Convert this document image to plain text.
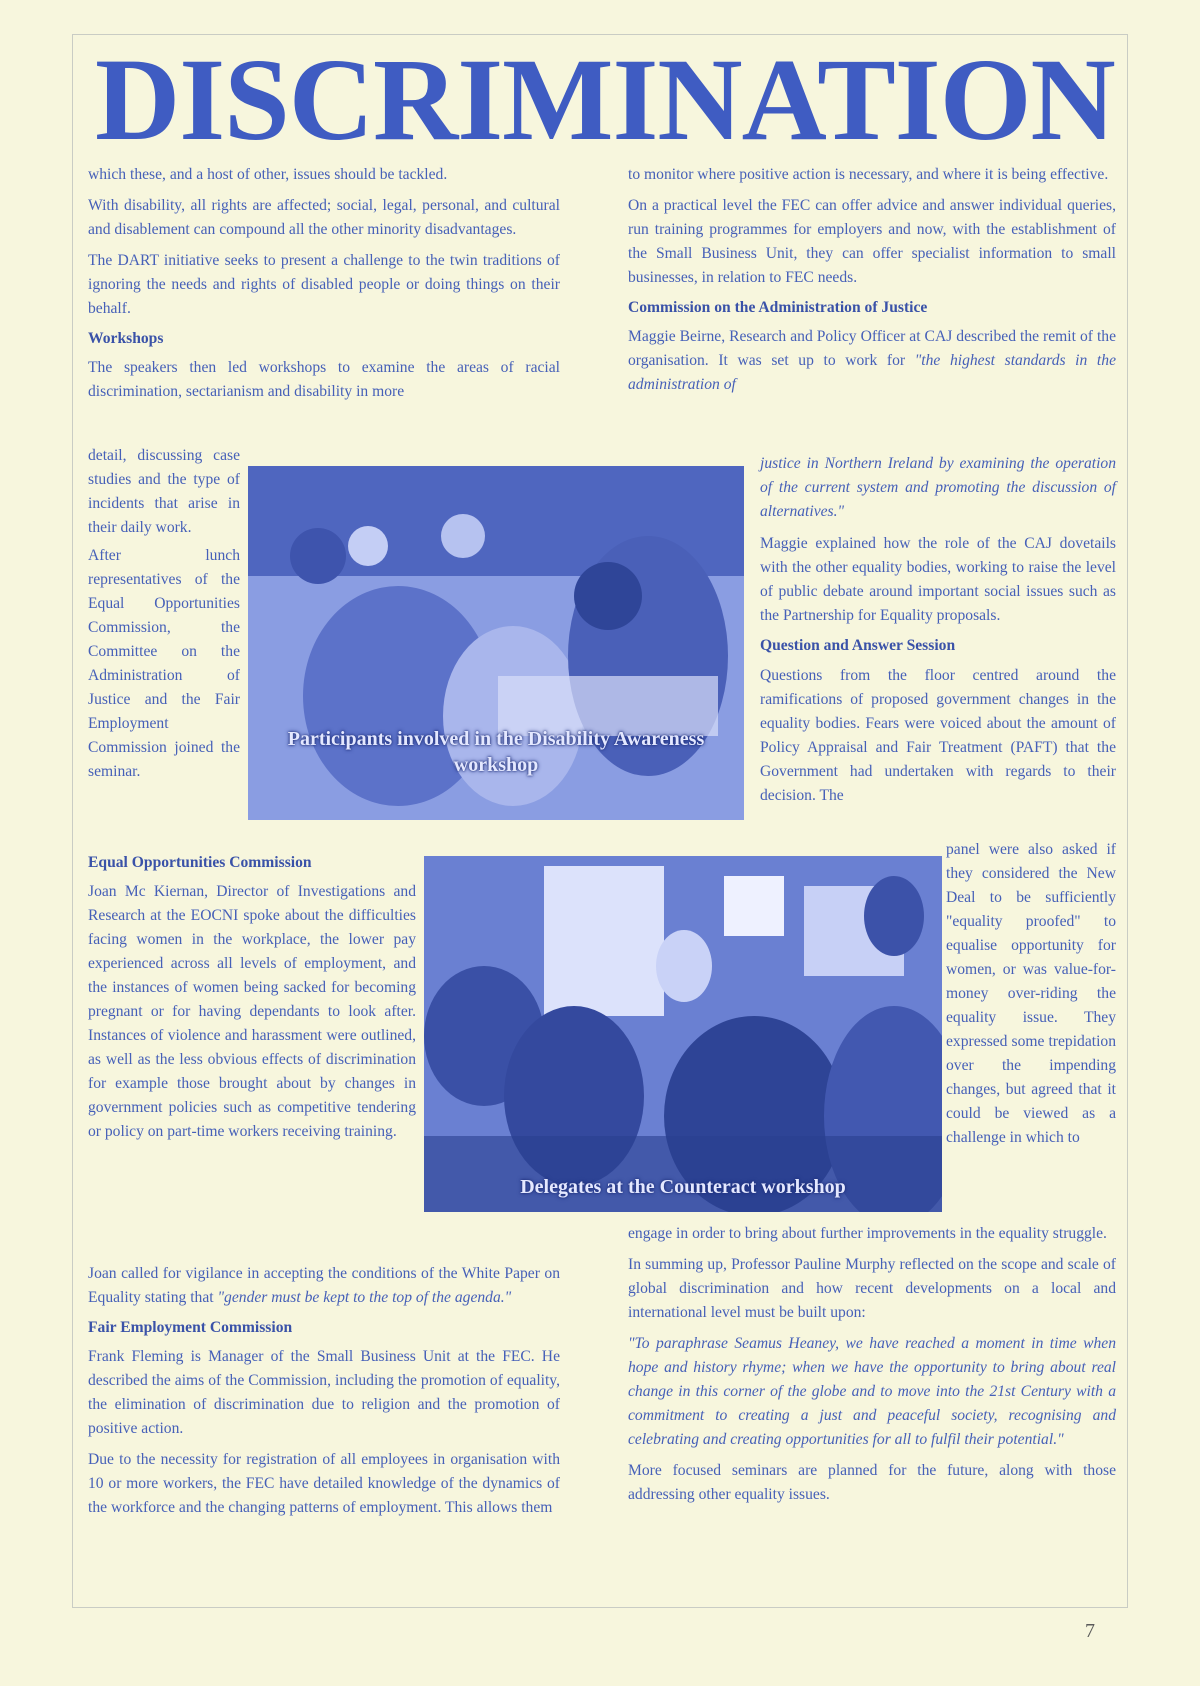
DISCRIMINATION

which these, and a host of other, issues should be tackled.

With disability, all rights are affected; social, legal, personal, and cultural and disablement can compound all the other minority disadvantages.

The DART initiative seeks to present a challenge to the twin traditions of ignoring the needs and rights of disabled people or doing things on their behalf.

Workshops

The speakers then led workshops to examine the areas of racial discrimination, sectarianism and disability in more

detail, discussing case studies and the type of incidents that arise in their daily work.

After lunch representatives of the Equal Opportunities Commission, the Committee on the Administration of Justice and the Fair Employment Commission joined the seminar.

Participants involved in the Disability Awareness workshop
Equal Opportunities Commission

Joan Mc Kiernan, Director of Investigations and Research at the EOCNI spoke about the difficulties facing women in the workplace, the lower pay experienced across all levels of employment, and the instances of women being sacked for becoming pregnant or for having dependants to look after. Instances of violence and harassment were outlined, as well as the less obvious effects of discrimination for example those brought about by changes in government policies such as competitive tendering or policy on part-time workers receiving training.

Joan called for vigilance in accepting the conditions of the White Paper on Equality stating that "gender must be kept to the top of the agenda."

Fair Employment Commission

Frank Fleming is Manager of the Small Business Unit at the FEC. He described the aims of the Commission, including the promotion of equality, the elimination of discrimination due to religion and the promotion of positive action.

Due to the necessity for registration of all employees in organisation with 10 or more workers, the FEC have detailed knowledge of the dynamics of the workforce and the changing patterns of employment. This allows them

to monitor where positive action is necessary, and where it is being effective.

On a practical level the FEC can offer advice and answer individual queries, run training programmes for employers and now, with the establishment of the Small Business Unit, they can offer specialist information to small businesses, in relation to FEC needs.

Commission on the Administration of Justice

Maggie Beirne, Research and Policy Officer at CAJ described the remit of the organisation. It was set up to work for "the highest standards in the administration of

justice in Northern Ireland by examining the operation of the current system and promoting the discussion of alternatives."

Maggie explained how the role of the CAJ dovetails with the other equality bodies, working to raise the level of public debate around important social issues such as the Partnership for Equality proposals.

Question and Answer Session

Questions from the floor centred around the ramifications of proposed government changes in the equality bodies. Fears were voiced about the amount of Policy Appraisal and Fair Treatment (PAFT) that the Government had undertaken with regards to their decision. The

Delegates at the Counteract workshop

panel were also asked if they considered the New Deal to be sufficiently "equality proofed" to equalise opportunity for women, or was value-for-money over-riding the equality issue. They expressed some trepidation over the impending changes, but agreed that it could be viewed as a challenge in which to

engage in order to bring about further improvements in the equality struggle.

In summing up, Professor Pauline Murphy reflected on the scope and scale of global discrimination and how recent developments on a local and international level must be built upon:

"To paraphrase Seamus Heaney, we have reached a moment in time when hope and history rhyme; when we have the opportunity to bring about real change in this corner of the globe and to move into the 21st Century with a commitment to creating a just and peaceful society, recognising and celebrating and creating opportunities for all to fulfil their potential."

More focused seminars are planned for the future, along with those addressing other equality issues.

7
